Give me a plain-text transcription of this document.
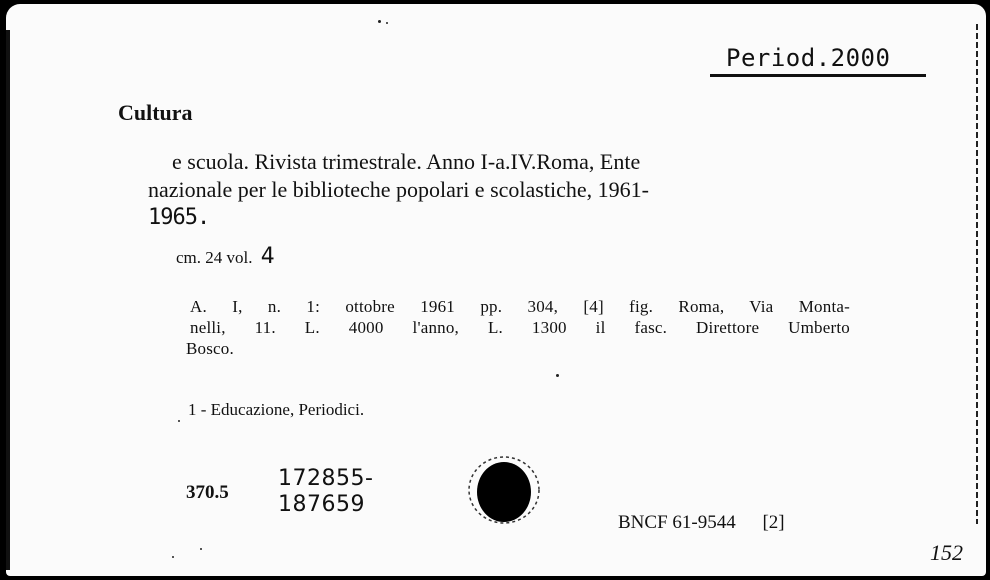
Period.2000
Cultura
e scuola. Rivista trimestrale. Anno I-a.IV.Roma, Ente
nazionale per le biblioteche popolari e scolastiche, 1961-
1965.
cm. 24 vol. 4
A. I, n. 1: ottobre 1961 pp. 304, [4] fig. Roma, Via Monta-
nelli, 11. L. 4000 l'anno, L. 1300 il fasc. Direttore Umberto
Bosco.
1 - Educazione, Periodici.
370.5
172855-
187659
BNCF 61-9544 [2]
152
